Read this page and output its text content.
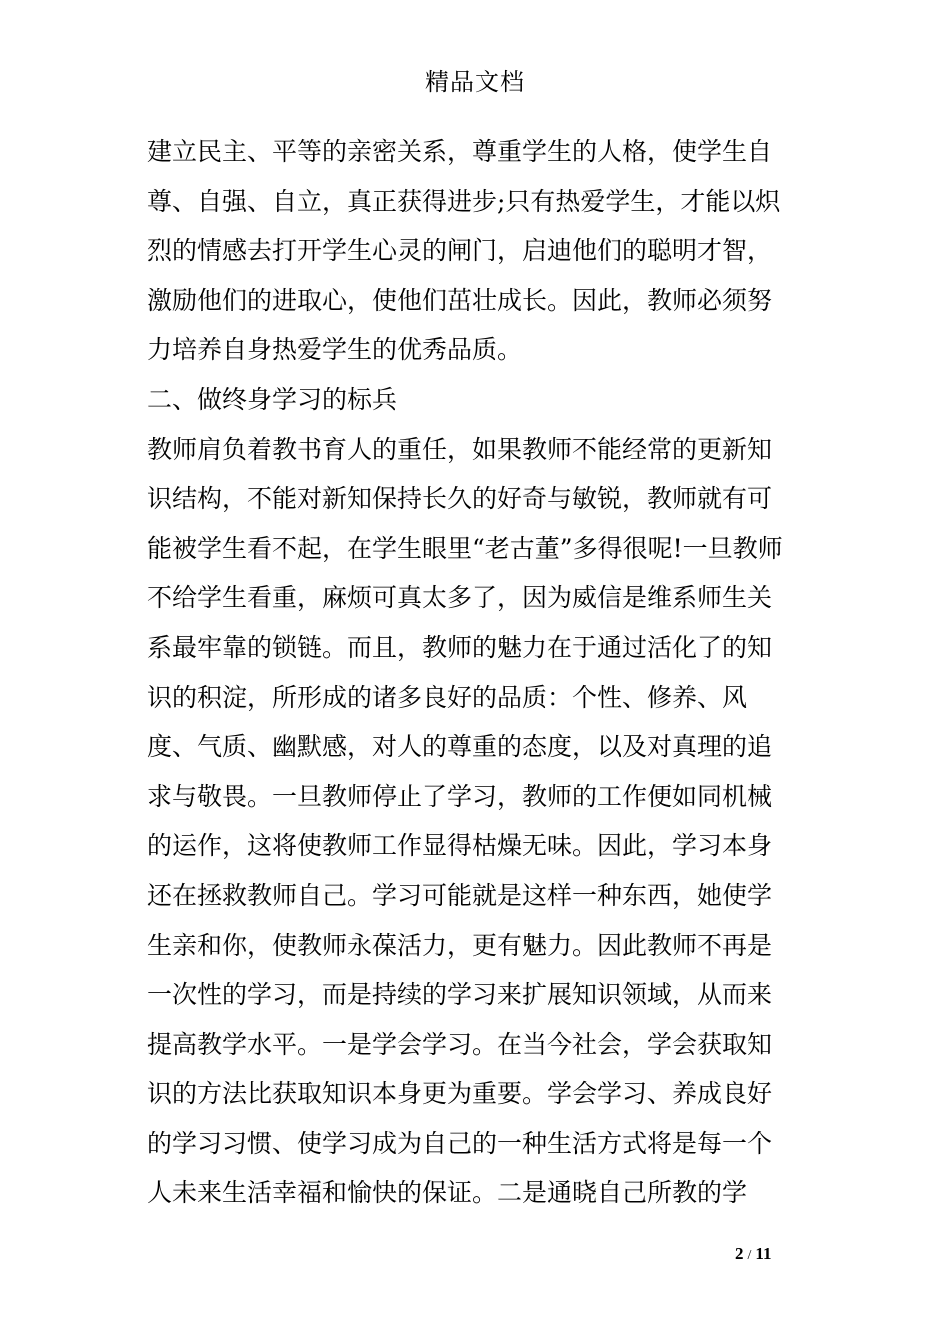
精品文档
建立民主、平等的亲密关系，尊重学生的人格，使学生自
尊、自强、自立，真正获得进步;只有热爱学生，才能以炽
烈的情感去打开学生心灵的闸门，启迪他们的聪明才智，
激励他们的进取心，使他们茁壮成长。因此，教师必须努
力培养自身热爱学生的优秀品质。
二、做终身学习的标兵
教师肩负着教书育人的重任，如果教师不能经常的更新知
识结构，不能对新知保持长久的好奇与敏锐，教师就有可
能被学生看不起，在学生眼里“老古董”多得很呢!一旦教师
不给学生看重，麻烦可真太多了，因为威信是维系师生关
系最牢靠的锁链。而且，教师的魅力在于通过活化了的知
识的积淀，所形成的诸多良好的品质：个性、修养、风
度、气质、幽默感，对人的尊重的态度，以及对真理的追
求与敬畏。一旦教师停止了学习，教师的工作便如同机械
的运作，这将使教师工作显得枯燥无味。因此，学习本身
还在拯救教师自己。学习可能就是这样一种东西，她使学
生亲和你，使教师永葆活力，更有魅力。因此教师不再是
一次性的学习，而是持续的学习来扩展知识领域，从而来
提高教学水平。一是学会学习。在当今社会，学会获取知
识的方法比获取知识本身更为重要。学会学习、养成良好
的学习习惯、使学习成为自己的一种生活方式将是每一个
人未来生活幸福和愉快的保证。二是通晓自己所教的学
2 / 11
